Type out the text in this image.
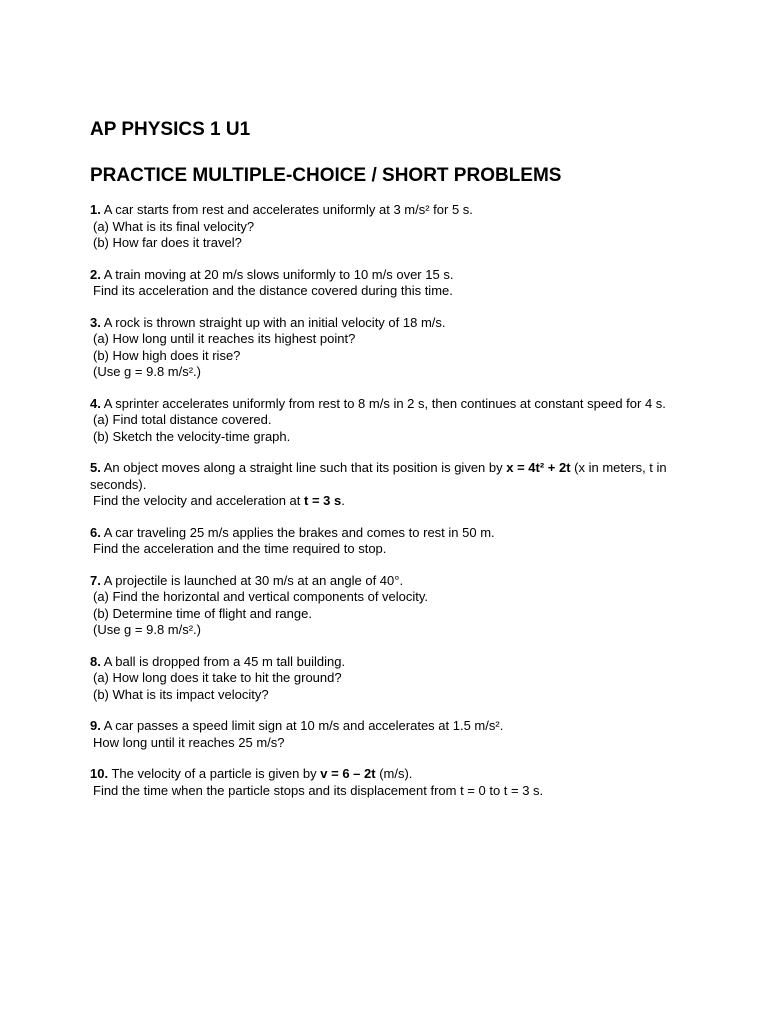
AP PHYSICS 1 U1
PRACTICE MULTIPLE-CHOICE / SHORT PROBLEMS
1. A car starts from rest and accelerates uniformly at 3 m/s² for 5 s.
(a) What is its final velocity?
(b) How far does it travel?
2. A train moving at 20 m/s slows uniformly to 10 m/s over 15 s.
Find its acceleration and the distance covered during this time.
3. A rock is thrown straight up with an initial velocity of 18 m/s.
(a) How long until it reaches its highest point?
(b) How high does it rise?
(Use g = 9.8 m/s².)
4. A sprinter accelerates uniformly from rest to 8 m/s in 2 s, then continues at constant speed for 4 s.
(a) Find total distance covered.
(b) Sketch the velocity-time graph.
5. An object moves along a straight line such that its position is given by x = 4t² + 2t (x in meters, t in seconds).
Find the velocity and acceleration at t = 3 s.
6. A car traveling 25 m/s applies the brakes and comes to rest in 50 m.
Find the acceleration and the time required to stop.
7. A projectile is launched at 30 m/s at an angle of 40°.
(a) Find the horizontal and vertical components of velocity.
(b) Determine time of flight and range.
(Use g = 9.8 m/s².)
8. A ball is dropped from a 45 m tall building.
(a) How long does it take to hit the ground?
(b) What is its impact velocity?
9. A car passes a speed limit sign at 10 m/s and accelerates at 1.5 m/s².
How long until it reaches 25 m/s?
10. The velocity of a particle is given by v = 6 – 2t (m/s).
Find the time when the particle stops and its displacement from t = 0 to t = 3 s.
